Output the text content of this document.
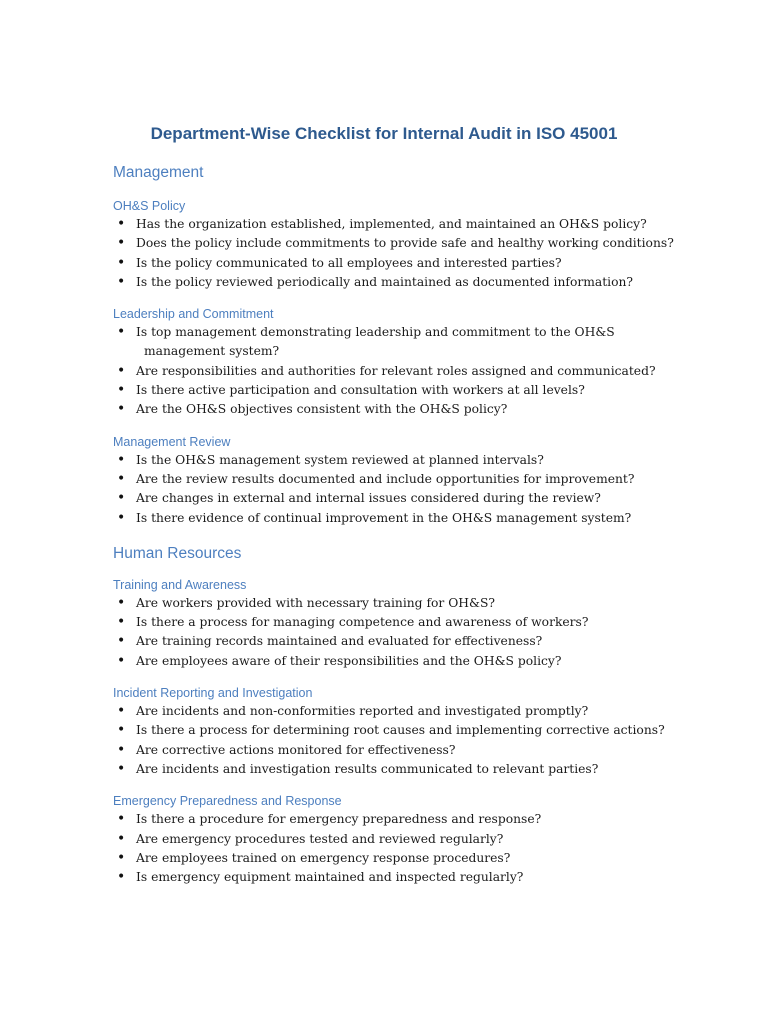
Department-Wise Checklist for Internal Audit in ISO 45001
Management
OH&S Policy
• Has the organization established, implemented, and maintained an OH&S policy?
• Does the policy include commitments to provide safe and healthy working conditions?
• Is the policy communicated to all employees and interested parties?
• Is the policy reviewed periodically and maintained as documented information?
Leadership and Commitment
• Is top management demonstrating leadership and commitment to the OH&S
management system?
• Are responsibilities and authorities for relevant roles assigned and communicated?
• Is there active participation and consultation with workers at all levels?
• Are the OH&S objectives consistent with the OH&S policy?
Management Review
• Is the OH&S management system reviewed at planned intervals?
• Are the review results documented and include opportunities for improvement?
• Are changes in external and internal issues considered during the review?
• Is there evidence of continual improvement in the OH&S management system?
Human Resources
Training and Awareness
• Are workers provided with necessary training for OH&S?
• Is there a process for managing competence and awareness of workers?
• Are training records maintained and evaluated for effectiveness?
• Are employees aware of their responsibilities and the OH&S policy?
Incident Reporting and Investigation
• Are incidents and non-conformities reported and investigated promptly?
• Is there a process for determining root causes and implementing corrective actions?
• Are corrective actions monitored for effectiveness?
• Are incidents and investigation results communicated to relevant parties?
Emergency Preparedness and Response
• Is there a procedure for emergency preparedness and response?
• Are emergency procedures tested and reviewed regularly?
• Are employees trained on emergency response procedures?
• Is emergency equipment maintained and inspected regularly?
